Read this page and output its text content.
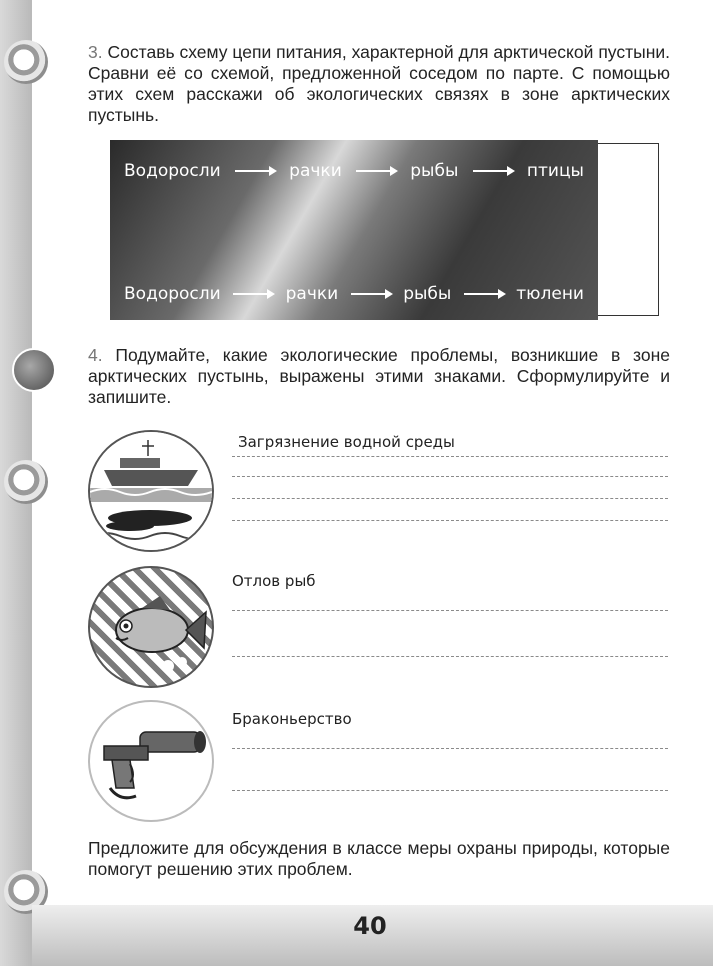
3. Составь схему цепи питания, характерной для арктической пустыни. Сравни её со схемой, предложенной соседом по парте. С помощью этих схем расскажи об экологических связях в зоне арктических пустынь.

Водоросли	рачки	рыбы	птицы
Водоросли	рачки	рыбы	тюлени

4. Подумайте, какие экологические проблемы, возникшие в зоне арктических пустынь, выражены этими знаками. Сформулируйте и запишите.

Загрязнение водной среды
Отлов рыб
Браконьерство

Предложите для обсуждения в классе меры охраны природы, которые помогут решению этих проблем.

40
